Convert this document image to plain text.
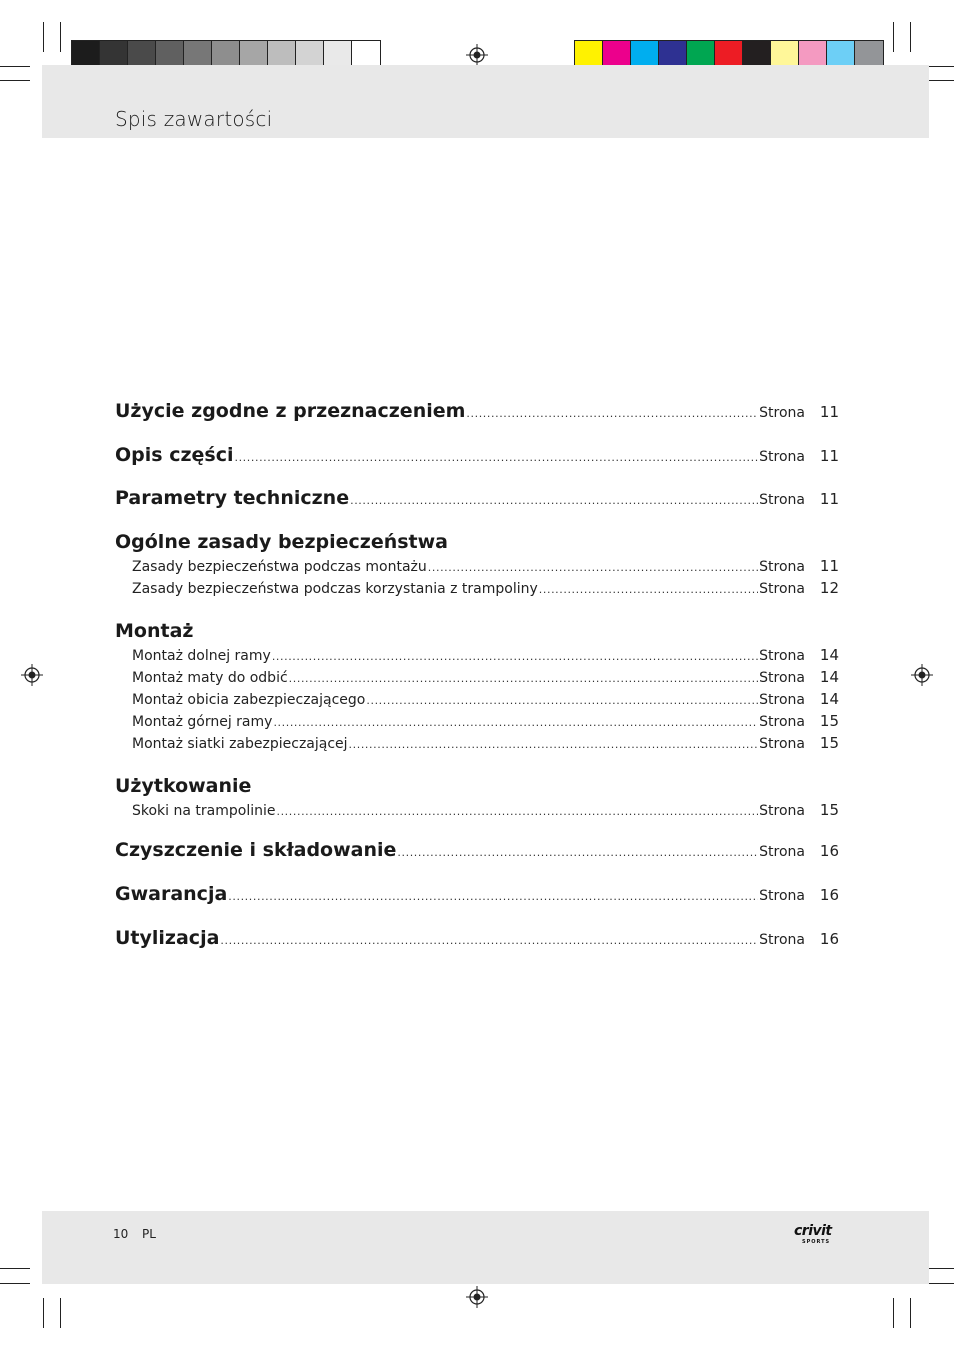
Spis zawartości
Użycie zgodne z przeznaczeniem .....	Strona 11
Opis części .....	Strona 11
Parametry techniczne .....	Strona 11
Ogólne zasady bezpieczeństwa
Zasady bezpieczeństwa podczas montażu .....	Strona 11
Zasady bezpieczeństwa podczas korzystania z trampoliny .....	Strona 12
Montaż
Montaż dolnej ramy .....	Strona 14
Montaż maty do odbić .....	Strona 14
Montaż obicia zabezpieczającego .....	Strona 14
Montaż górnej ramy .....	Strona 15
Montaż siatki zabezpieczającej .....	Strona 15
Użytkowanie
Skoki na trampolinie .....	Strona 15
Czyszczenie i składowanie .....	Strona 16
Gwarancja .....	Strona 16
Utylizacja .....	Strona 16
10 PL	crivit
SPORTS
